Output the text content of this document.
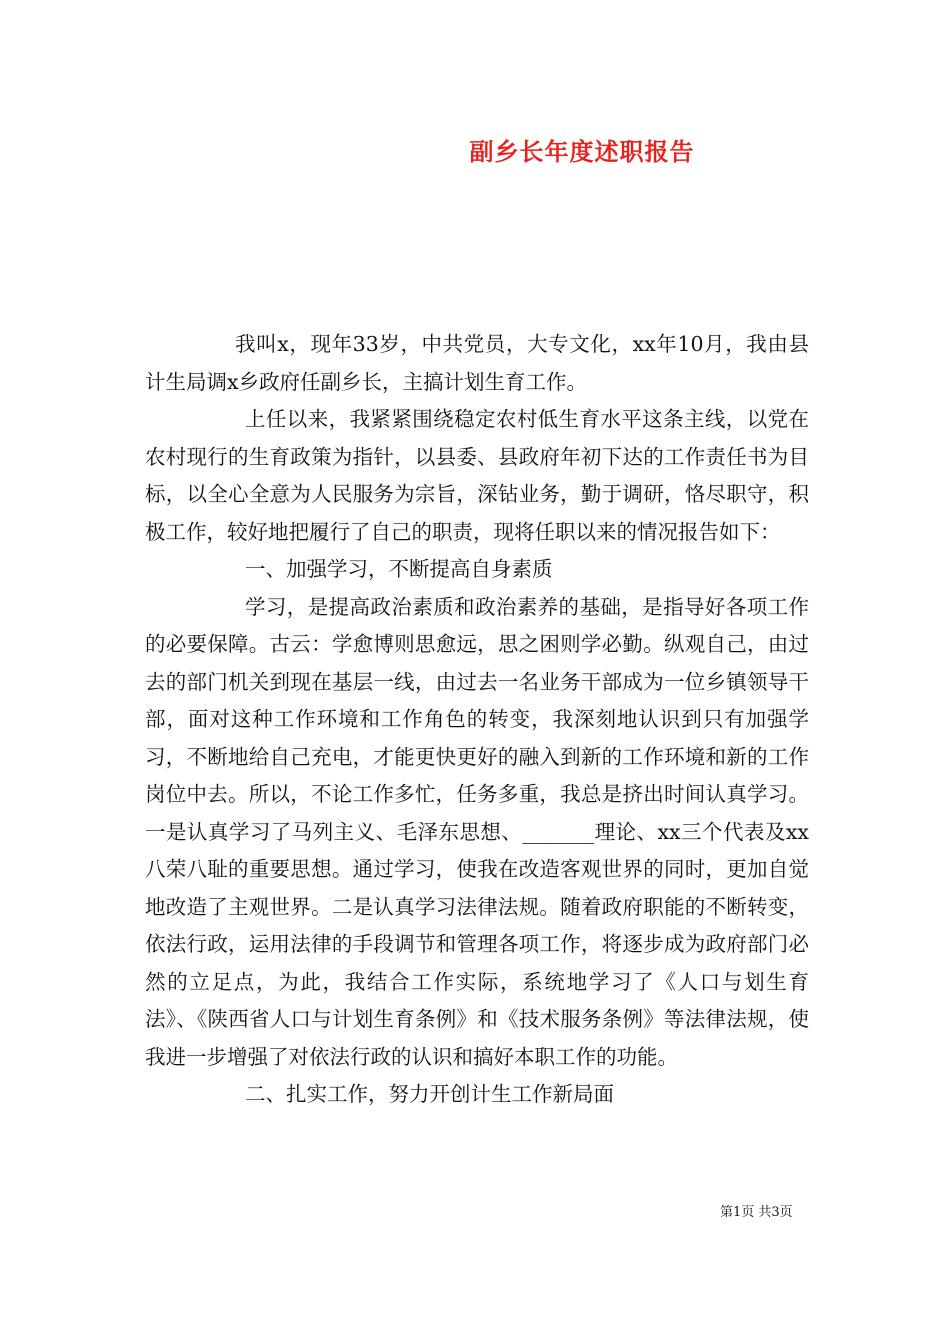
副乡长年度述职报告

我叫x，现年33岁，中共党员，大专文化，xx年10月，我由县计生局调x乡政府任副乡长，主搞计划生育工作。

上任以来，我紧紧围绕稳定农村低生育水平这条主线，以党在农村现行的生育政策为指针，以县委、县政府年初下达的工作责任书为目标，以全心全意为人民服务为宗旨，深钻业务，勤于调研，恪尽职守，积极工作，较好地把履行了自己的职责，现将任职以来的情况报告如下：

一、加强学习，不断提高自身素质

学习，是提高政治素质和政治素养的基础，是指导好各项工作的必要保障。古云：学愈博则思愈远，思之困则学必勤。纵观自己，由过去的部门机关到现在基层一线，由过去一名业务干部成为一位乡镇领导干部，面对这种工作环境和工作角色的转变，我深刻地认识到只有加强学习，不断地给自己充电，才能更快更好的融入到新的工作环境和新的工作岗位中去。所以，不论工作多忙，任务多重，我总是挤出时间认真学习。一是认真学习了马列主义、毛泽东思想、_______理论、xx三个代表及xx八荣八耻的重要思想。通过学习，使我在改造客观世界的同时，更加自觉地改造了主观世界。二是认真学习法律法规。随着政府职能的不断转变，依法行政，运用法律的手段调节和管理各项工作，将逐步成为政府部门必然的立足点，为此，我结合工作实际，系统地学习了《人口与划生育法》、《陕西省人口与计划生育条例》和《技术服务条例》等法律法规，使我进一步增强了对依法行政的认识和搞好本职工作的功能。

二、扎实工作，努力开创计生工作新局面

第1页 共3页
